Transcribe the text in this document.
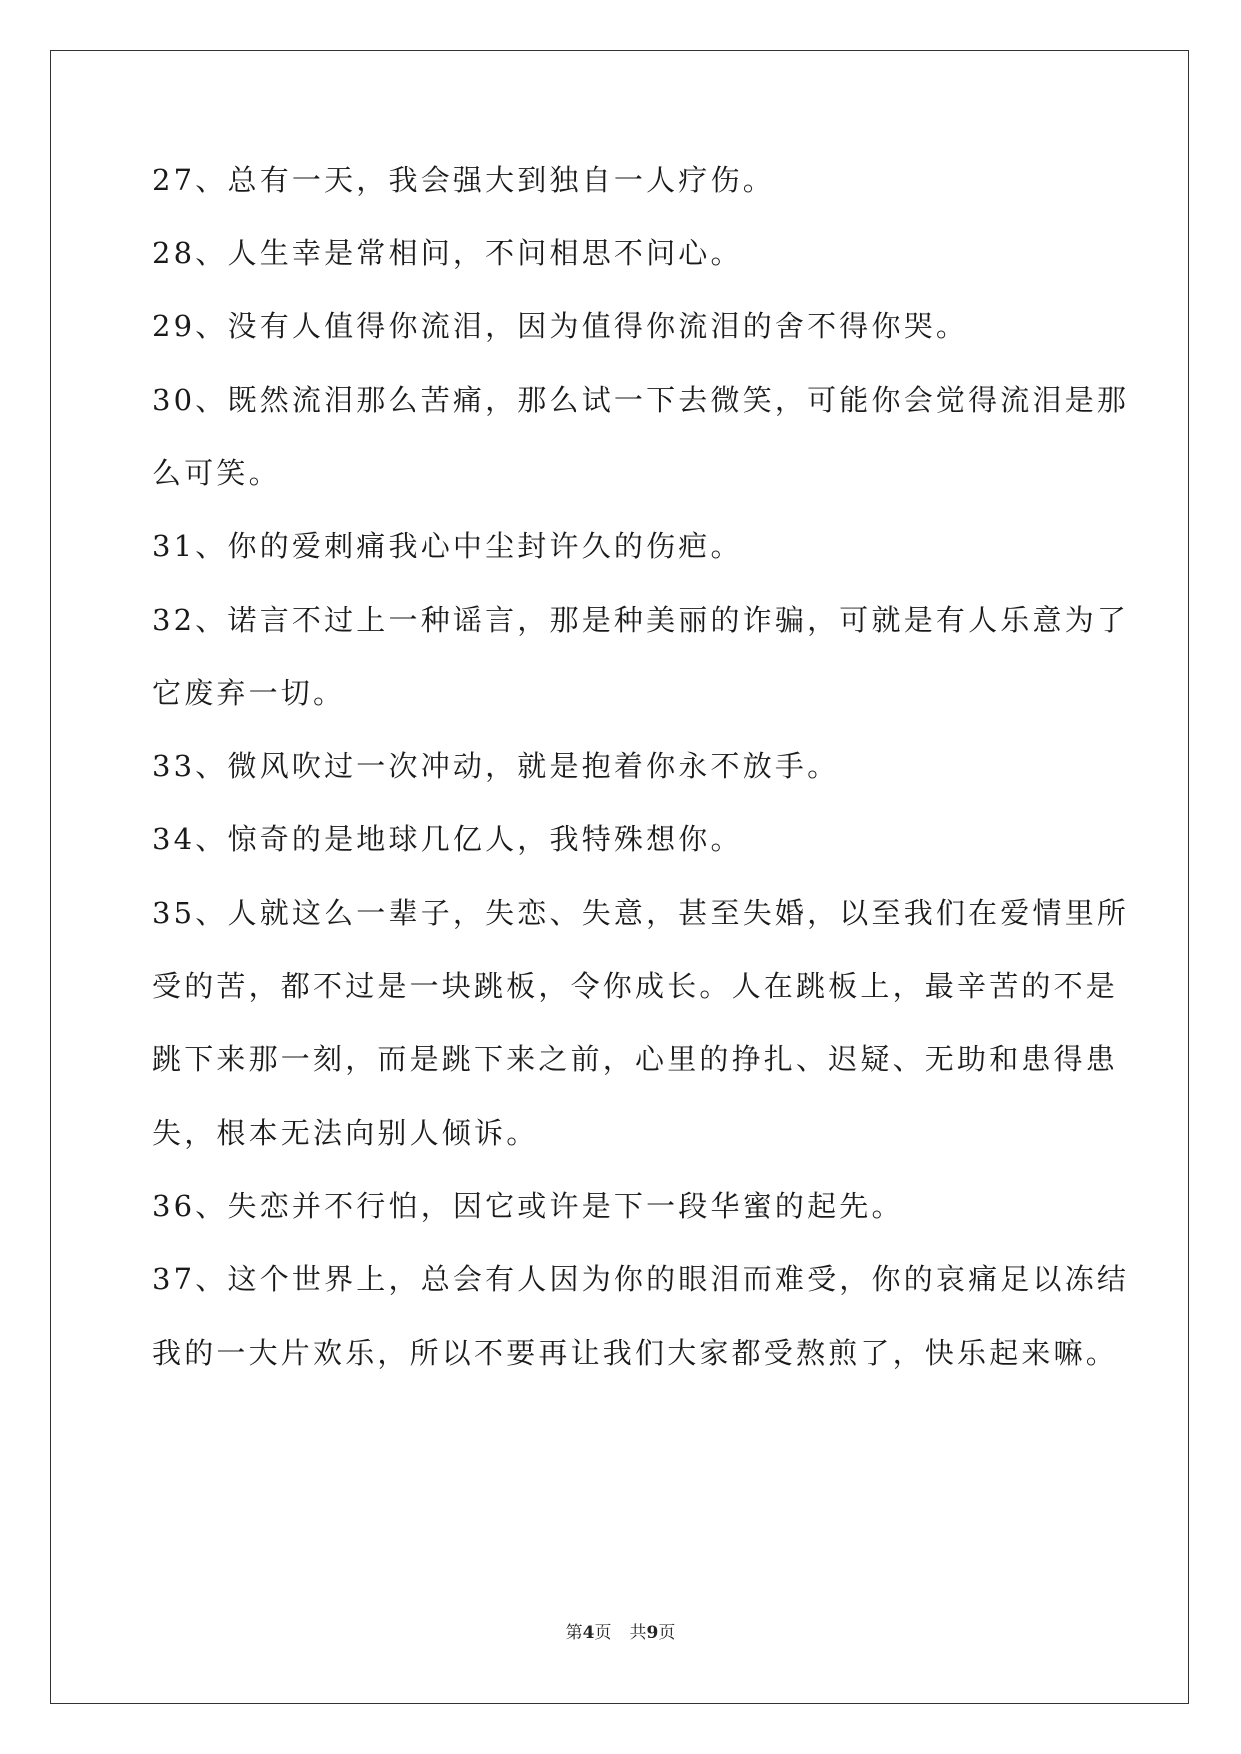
27、总有一天，我会强大到独自一人疗伤。
28、人生幸是常相问，不问相思不问心。
29、没有人值得你流泪，因为值得你流泪的舍不得你哭。
30、既然流泪那么苦痛，那么试一下去微笑，可能你会觉得流泪是那
么可笑。
31、你的爱刺痛我心中尘封许久的伤疤。
32、诺言不过上一种谣言，那是种美丽的诈骗，可就是有人乐意为了
它废弃一切。
33、微风吹过一次冲动，就是抱着你永不放手。
34、惊奇的是地球几亿人，我特殊想你。
35、人就这么一辈子，失恋、失意，甚至失婚，以至我们在爱情里所
受的苦，都不过是一块跳板，令你成长。人在跳板上，最辛苦的不是
跳下来那一刻，而是跳下来之前，心里的挣扎、迟疑、无助和患得患
失，根本无法向别人倾诉。
36、失恋并不行怕，因它或许是下一段华蜜的起先。
37、这个世界上，总会有人因为你的眼泪而难受，你的哀痛足以冻结
我的一大片欢乐，所以不要再让我们大家都受熬煎了，快乐起来嘛。
第4页 共9页
